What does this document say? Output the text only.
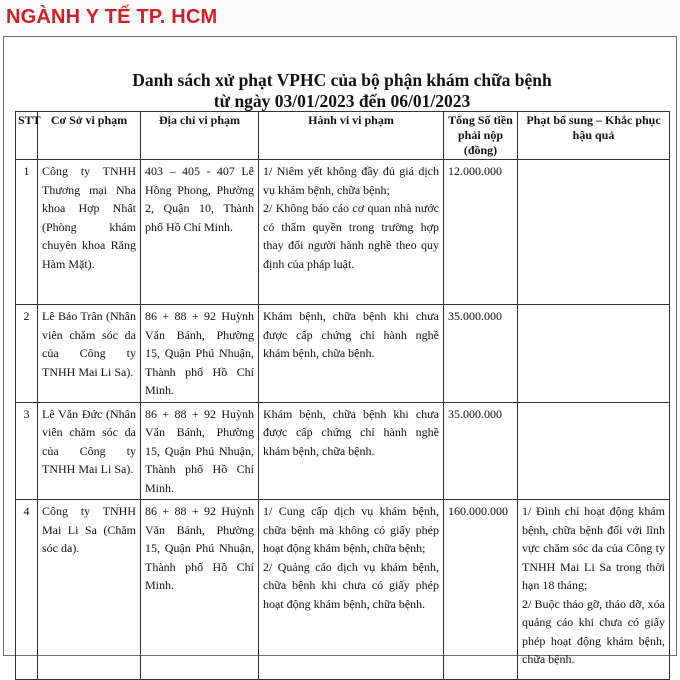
NGÀNH Y TẾ TP. HCM
Danh sách xử phạt VPHC của bộ phận khám chữa bệnh
từ ngày 03/01/2023 đến 06/01/2023
STT	Cơ Sở vi phạm	Địa chỉ vi phạm	Hành vi vi phạm	Tổng Số tiền phải nộp (đồng)	Phạt bổ sung – Khắc phục hậu quả
1	Công ty TNHH Thương mại Nha khoa Hợp Nhất (Phòng khám chuyên khoa Răng Hàm Mặt).	403 – 405 - 407 Lê Hồng Phong, Phường 2, Quận 10, Thành phố Hồ Chí Minh.	1/ Niêm yết không đầy đủ giá dịch vụ khám bệnh, chữa bệnh;
2/ Không báo cáo cơ quan nhà nước có thẩm quyền trong trường hợp thay đổi người hành nghề theo quy định của pháp luật.	12.000.000	

2	Lê Bảo Trân (Nhân viên chăm sóc da của Công ty TNHH Mai Li Sa).	86 + 88 + 92 Huỳnh Văn Bánh, Phường 15, Quận Phú Nhuận, Thành phố Hồ Chí Minh.	Khám bệnh, chữa bệnh khi chưa được cấp chứng chỉ hành nghề khám bệnh, chữa bệnh.	35.000.000	

3	Lê Văn Đức (Nhân viên chăm sóc da của Công ty TNHH Mai Li Sa).	86 + 88 + 92 Huỳnh Văn Bánh, Phường 15, Quận Phú Nhuận, Thành phố Hồ Chí Minh.	Khám bệnh, chữa bệnh khi chưa được cấp chứng chỉ hành nghề khám bệnh, chữa bệnh.	35.000.000	

4	Công ty TNHH Mai Li Sa (Chăm sóc da).	86 + 88 + 92 Huỳnh Văn Bánh, Phường 15, Quận Phú Nhuận, Thành phố Hồ Chí Minh.	1/ Cung cấp dịch vụ khám bệnh, chữa bệnh mà không có giấy phép hoạt động khám bệnh, chữa bệnh;
2/ Quảng cáo dịch vụ khám bệnh, chữa bệnh khi chưa có giấy phép hoạt động khám bệnh, chữa bệnh.	160.000.000	1/ Đình chỉ hoạt động khám bệnh, chữa bệnh đối với lĩnh vực chăm sóc da của Công ty TNHH Mai Li Sa trong thời hạn 18 tháng;
2/ Buộc tháo gỡ, tháo dỡ, xóa quảng cáo khi chưa có giấy phép hoạt động khám bệnh, chữa bệnh.
